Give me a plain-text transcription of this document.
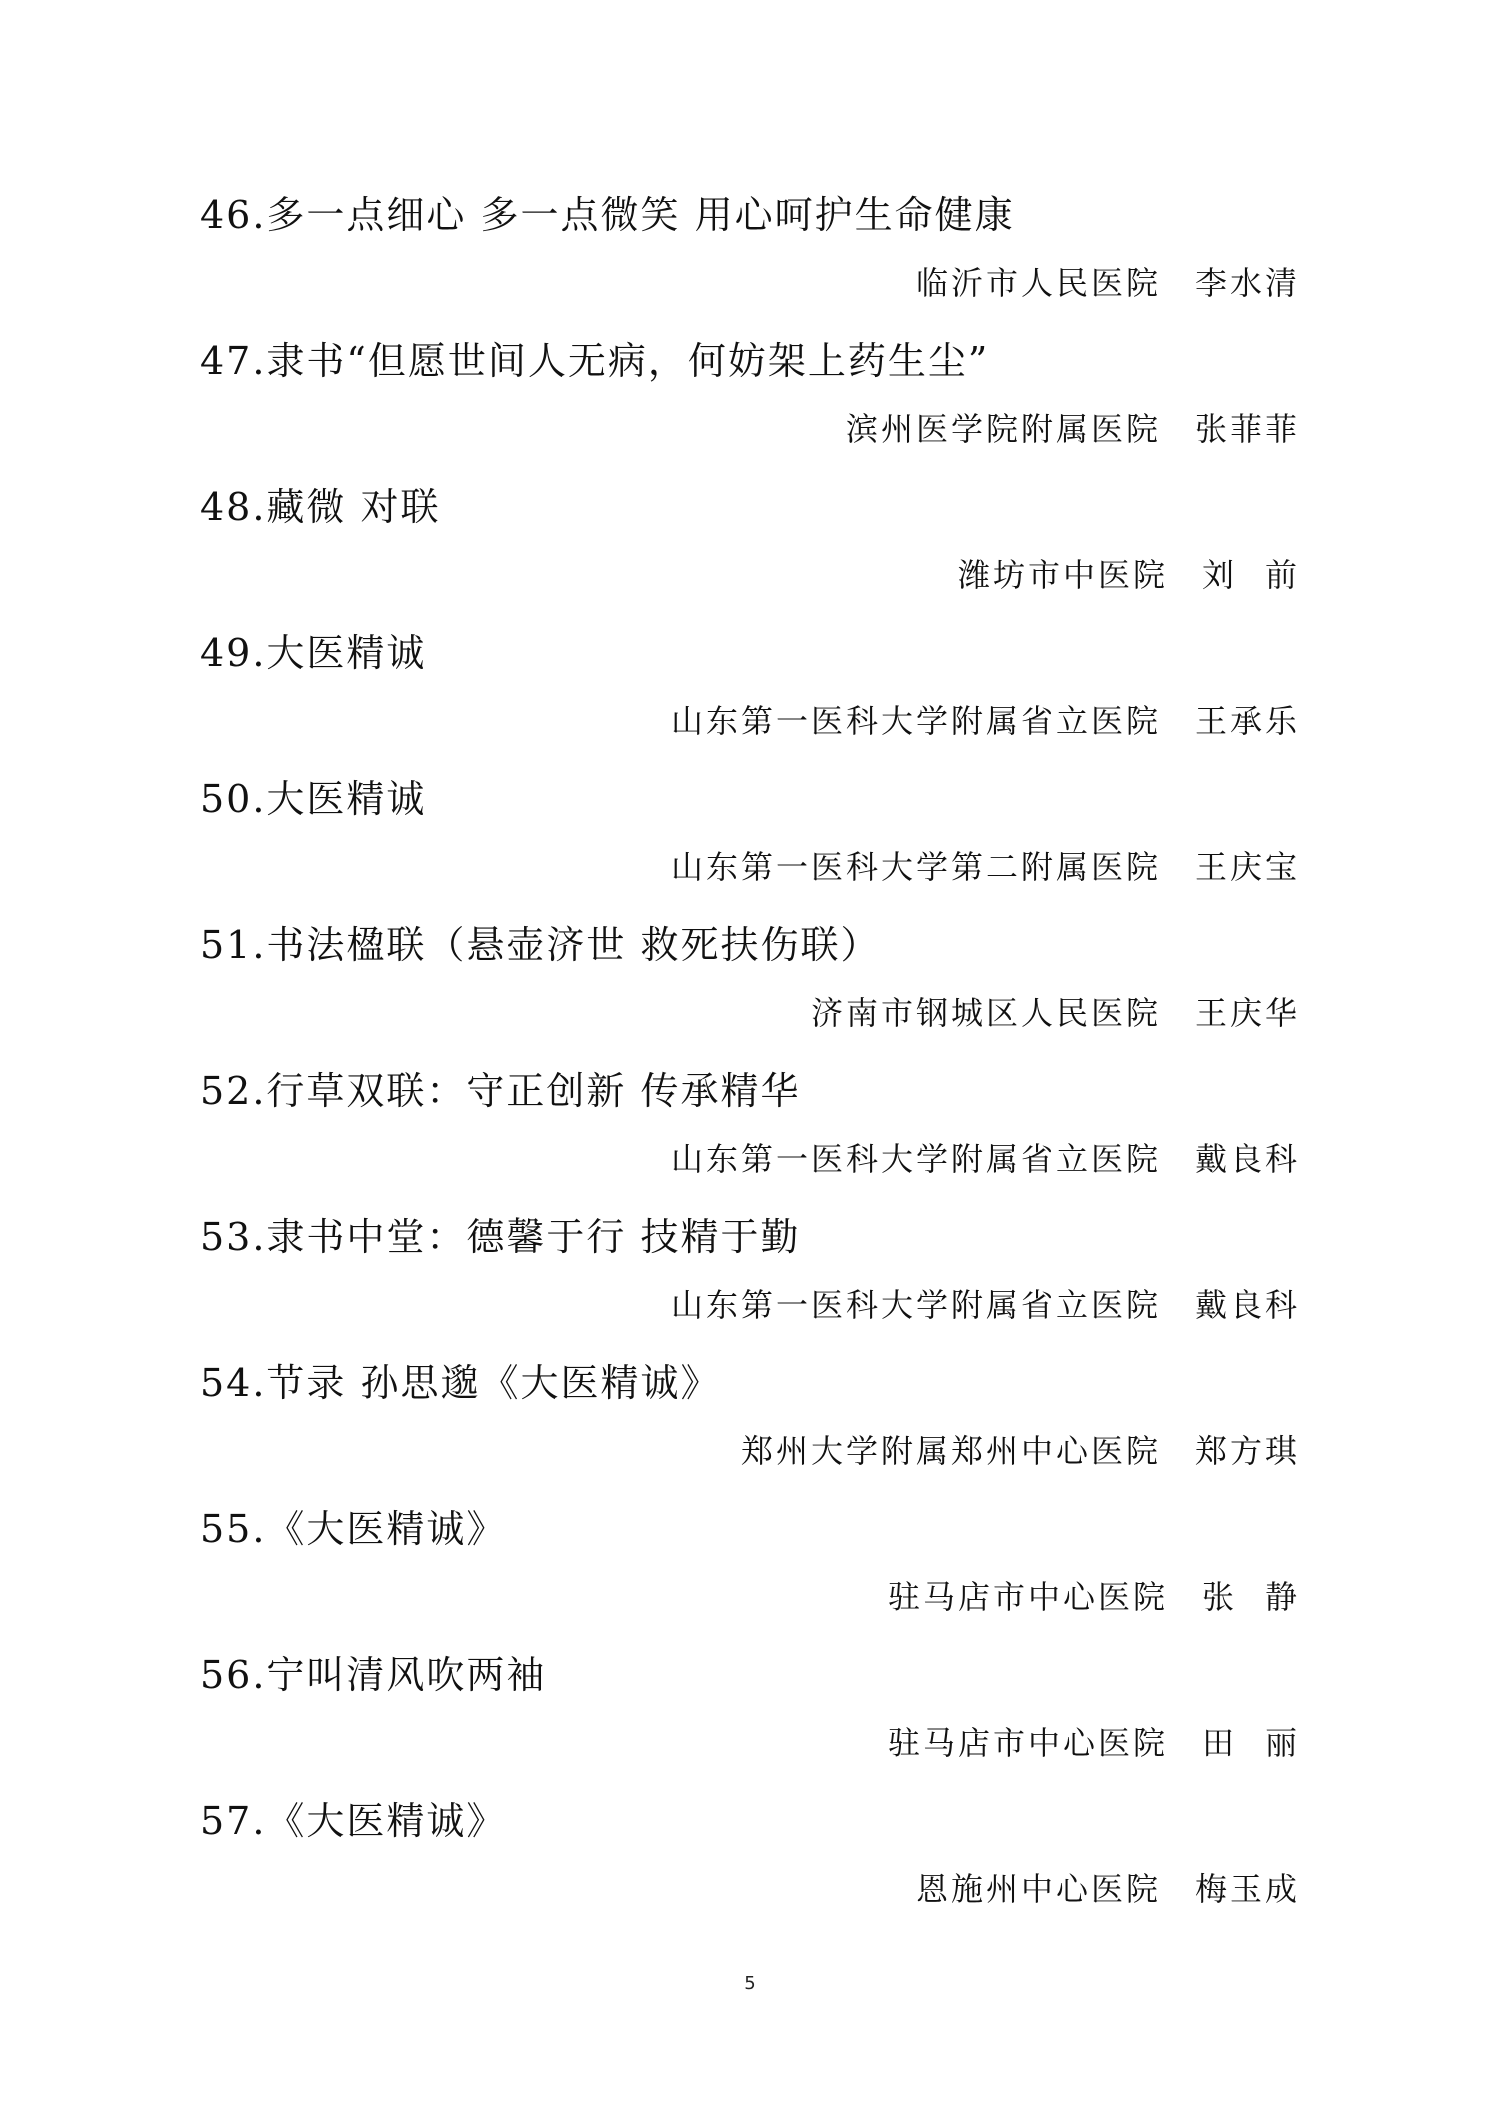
46.多一点细心 多一点微笑 用心呵护生命健康
临沂市人民医院 李水清
47.隶书“但愿世间人无病，何妨架上药生尘”
滨州医学院附属医院 张菲菲
48.藏微 对联
潍坊市中医院 刘 前
49.大医精诚
山东第一医科大学附属省立医院 王承乐
50.大医精诚
山东第一医科大学第二附属医院 王庆宝
51.书法楹联（悬壶济世 救死扶伤联）
济南市钢城区人民医院 王庆华
52.行草双联：守正创新 传承精华
山东第一医科大学附属省立医院 戴良科
53.隶书中堂：德馨于行 技精于勤
山东第一医科大学附属省立医院 戴良科
54.节录 孙思邈《大医精诚》
郑州大学附属郑州中心医院 郑方琪
55.《大医精诚》
驻马店市中心医院 张 静
56.宁叫清风吹两袖
驻马店市中心医院 田 丽
57.《大医精诚》
恩施州中心医院 梅玉成
5
